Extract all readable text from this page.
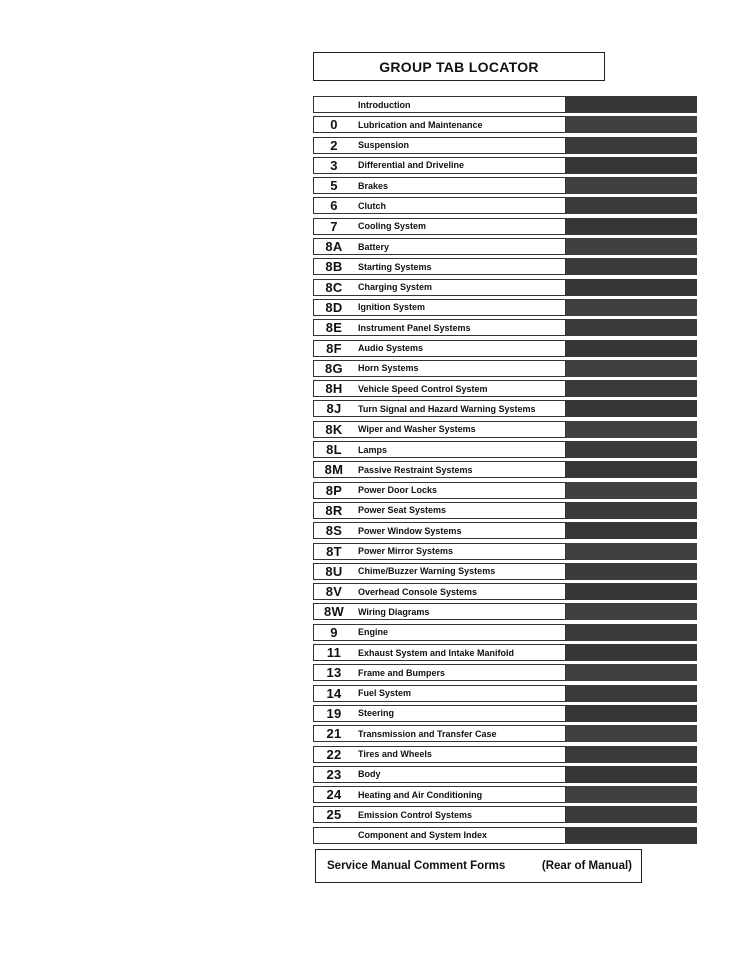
GROUP TAB LOCATOR
Introduction
0	Lubrication and Maintenance
2	Suspension
3	Differential and Driveline
5	Brakes
6	Clutch
7	Cooling System
8A	Battery
8B	Starting Systems
8C	Charging System
8D	Ignition System
8E	Instrument Panel Systems
8F	Audio Systems
8G	Horn Systems
8H	Vehicle Speed Control System
8J	Turn Signal and Hazard Warning Systems
8K	Wiper and Washer Systems
8L	Lamps
8M	Passive Restraint Systems
8P	Power Door Locks
8R	Power Seat Systems
8S	Power Window Systems
8T	Power Mirror Systems
8U	Chime/Buzzer Warning Systems
8V	Overhead Console Systems
8W	Wiring Diagrams
9	Engine
11	Exhaust System and Intake Manifold
13	Frame and Bumpers
14	Fuel System
19	Steering
21	Transmission and Transfer Case
22	Tires and Wheels
23	Body
24	Heating and Air Conditioning
25	Emission Control Systems
Component and System Index
Service Manual Comment Forms	(Rear of Manual)
